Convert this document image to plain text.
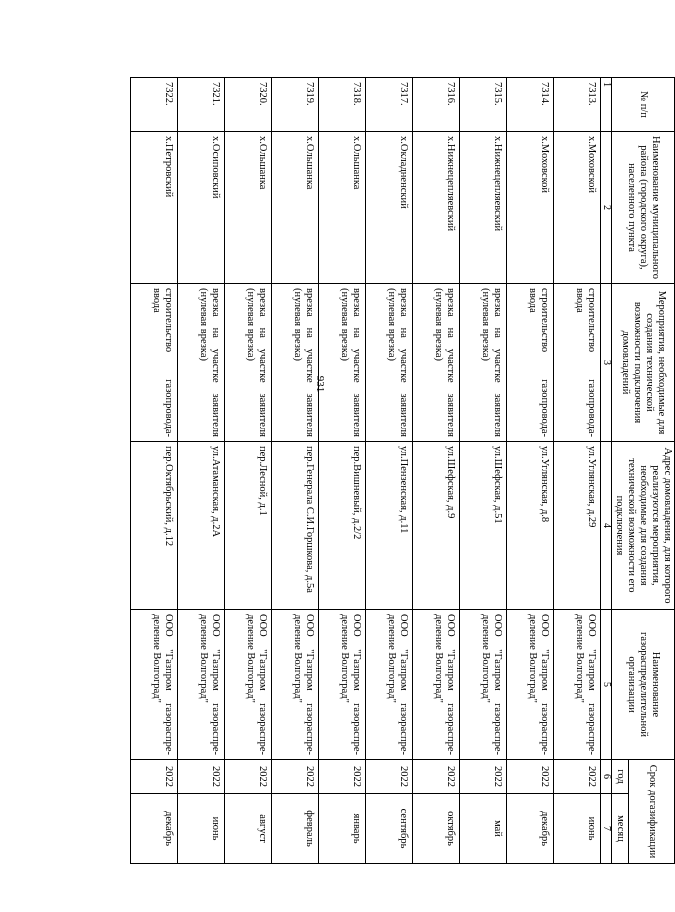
931
№ п/п	Наименование муниципального района (городского округа), населенного пункта	Мероприятия, необходимые для создания технической возможности подключения домовладений	Адрес домовладения, для которого реализуются мероприятия, необходимые для создания технической возможности его подключения	Наименование газораспределительной организации	Срок догазификации	
					год	месяц
1	2	3	4	5	6	7
7313.	х.Моховской	строительство газопровода-ввода	ул.Углянская, д.29	ООО "Газпром газораспре-деление Волгоград"	2022	июнь
7314.	х.Моховской	строительство газопровода-ввода	ул.Углянская, д.8	ООО "Газпром газораспре-деление Волгоград"	2022	декабрь
7315.	х.Нижнецепляевский	врезка на участке заявителя (нулевая врезка)	ул.Шефская, д.51	ООО "Газпром газораспре-деление Волгоград"	2022	май
7316.	х.Нижнецепляевский	врезка на участке заявителя (нулевая врезка)	ул.Шефская, д.9	ООО "Газпром газораспре-деление Волгоград"	2022	октябрь
7317.	х.Окладненский	врезка на участке заявителя (нулевая врезка)	ул.Пензенская, д.11	ООО "Газпром газораспре-деление Волгоград"	2022	сентябрь
7318.	х.Ольшанка	врезка на участке заявителя (нулевая врезка)	пер.Вишневый, д.2/2	ООО "Газпром газораспре-деление Волгоград"	2022	январь
7319.	х.Ольшанка	врезка на участке заявителя (нулевая врезка)	пер.Генерала С.И.Горшкова, д.5а	ООО "Газпром газораспре-деление Волгоград"	2022	февраль
7320.	х.Ольшанка	врезка на участке заявителя (нулевая врезка)	пер.Лесной, д.1	ООО "Газпром газораспре-деление Волгоград"	2022	август
7321.	х.Осиповский	врезка на участке заявителя (нулевая врезка)	ул.Атаманская, д.2А	ООО "Газпром газораспре-деление Волгоград"	2022	июнь
7322.	х.Петровский	строительство газопровода-ввода	пер.Октябрьский, д.12	ООО "Газпром газораспре-деление Волгоград"	2022	декабрь
